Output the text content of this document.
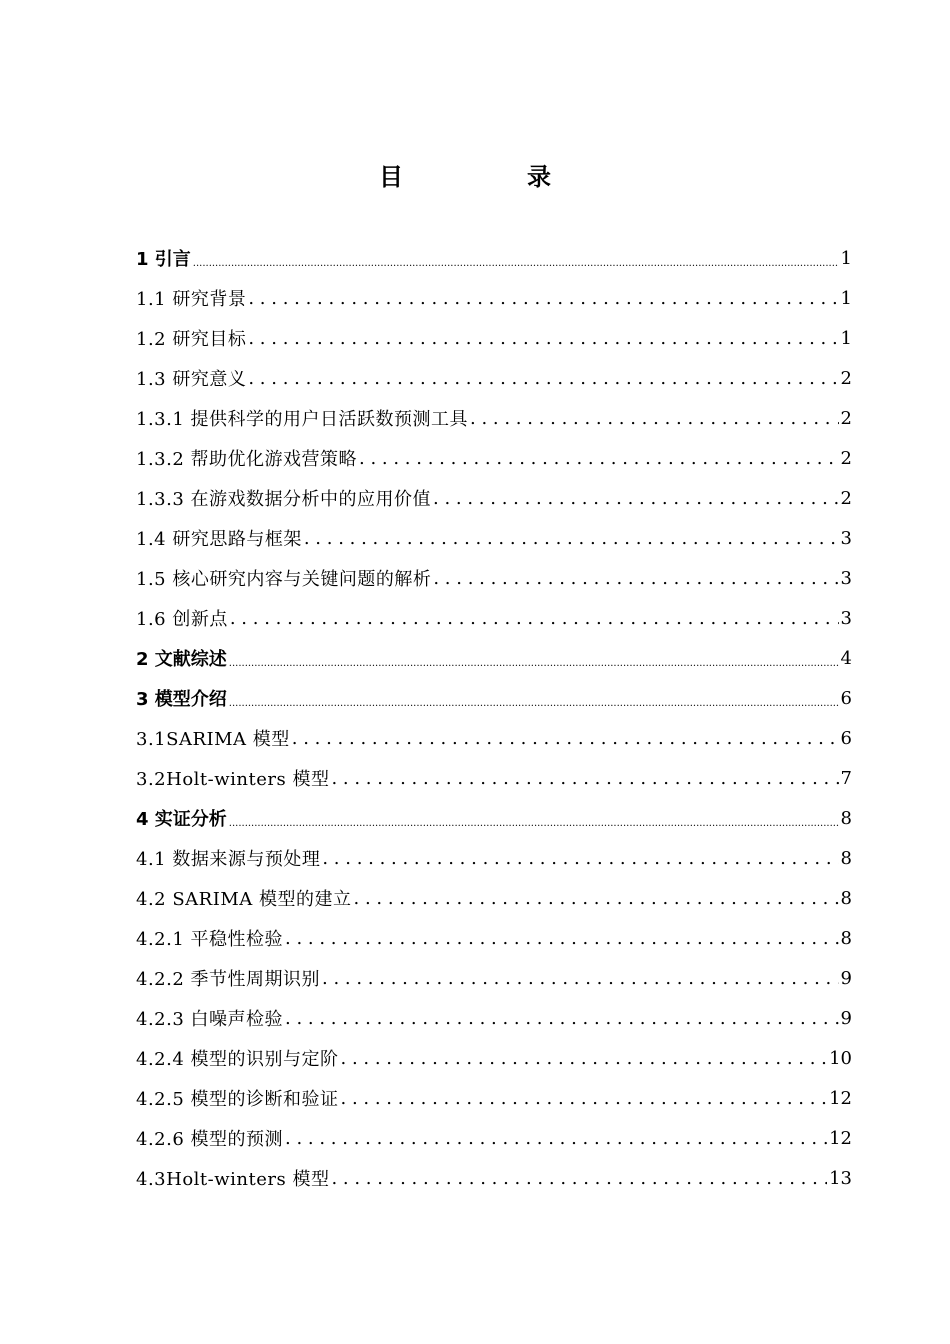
目　录
1 引言 .....	1
1.1 研究背景 . . .	1
1.2 研究目标 . . .	1
1.3 研究意义 . . .	2
1.3.1 提供科学的用户日活跃数预测工具 . . .	2
1.3.2 帮助优化游戏营策略 . . .	2
1.3.3 在游戏数据分析中的应用价值 . . .	2
1.4 研究思路与框架 . . .	3
1.5 核心研究内容与关键问题的解析 . . .	3
1.6 创新点 . . .	3
2 文献综述 .....	4
3 模型介绍 .....	6
3.1SARIMA 模型 . . .	6
3.2Holt-winters 模型 . . .	7
4 实证分析 .....	8
4.1 数据来源与预处理 . . .	8
4.2 SARIMA 模型的建立 . . .	8
4.2.1 平稳性检验 . . .	8
4.2.2 季节性周期识别 . . .	9
4.2.3 白噪声检验 . . .	9
4.2.4 模型的识别与定阶 . . .	10
4.2.5 模型的诊断和验证 . . .	12
4.2.6 模型的预测 . . .	12
4.3Holt-winters 模型 . . .	13
